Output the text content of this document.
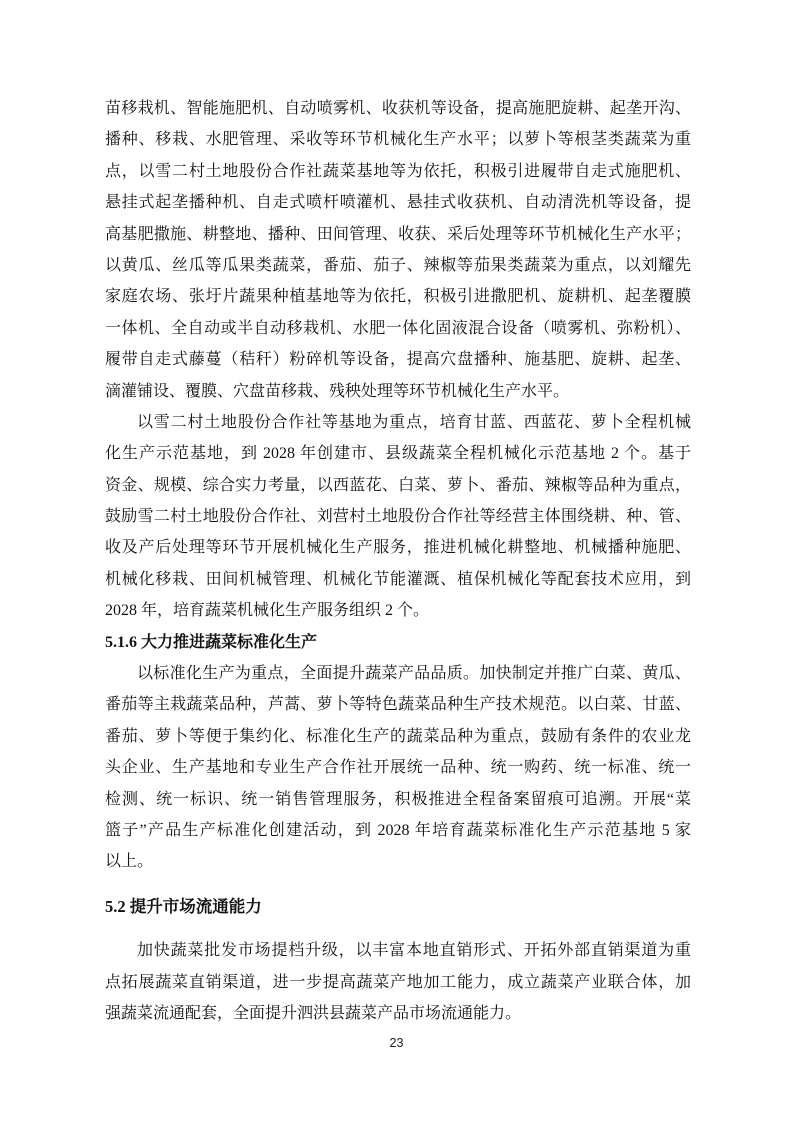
苗移栽机、智能施肥机、自动喷雾机、收获机等设备，提高施肥旋耕、起垄开沟、
播种、移栽、水肥管理、采收等环节机械化生产水平；以萝卜等根茎类蔬菜为重
点，以雪二村土地股份合作社蔬菜基地等为依托，积极引进履带自走式施肥机、
悬挂式起垄播种机、自走式喷杆喷灌机、悬挂式收获机、自动清洗机等设备，提
高基肥撒施、耕整地、播种、田间管理、收获、采后处理等环节机械化生产水平；
以黄瓜、丝瓜等瓜果类蔬菜，番茄、茄子、辣椒等茄果类蔬菜为重点，以刘耀先
家庭农场、张圩片蔬果种植基地等为依托，积极引进撒肥机、旋耕机、起垄覆膜
一体机、全自动或半自动移栽机、水肥一体化固液混合设备（喷雾机、弥粉机）、
履带自走式藤蔓（秸秆）粉碎机等设备，提高穴盘播种、施基肥、旋耕、起垄、
滴灌铺设、覆膜、穴盘苗移栽、残秧处理等环节机械化生产水平。
以雪二村土地股份合作社等基地为重点，培育甘蓝、西蓝花、萝卜全程机械
化生产示范基地，到 2028 年创建市、县级蔬菜全程机械化示范基地 2 个。基于
资金、规模、综合实力考量，以西蓝花、白菜、萝卜、番茄、辣椒等品种为重点，
鼓励雪二村土地股份合作社、刘营村土地股份合作社等经营主体围绕耕、种、管、
收及产后处理等环节开展机械化生产服务，推进机械化耕整地、机械播种施肥、
机械化移栽、田间机械管理、机械化节能灌溉、植保机械化等配套技术应用，到
2028 年，培育蔬菜机械化生产服务组织 2 个。
5.1.6 大力推进蔬菜标准化生产
以标准化生产为重点，全面提升蔬菜产品品质。加快制定并推广白菜、黄瓜、
番茄等主栽蔬菜品种，芦蒿、萝卜等特色蔬菜品种生产技术规范。以白菜、甘蓝、
番茄、萝卜等便于集约化、标准化生产的蔬菜品种为重点，鼓励有条件的农业龙
头企业、生产基地和专业生产合作社开展统一品种、统一购药、统一标准、统一
检测、统一标识、统一销售管理服务，积极推进全程备案留痕可追溯。开展“菜
篮子”产品生产标准化创建活动，到 2028 年培育蔬菜标准化生产示范基地 5 家
以上。
5.2 提升市场流通能力
加快蔬菜批发市场提档升级，以丰富本地直销形式、开拓外部直销渠道为重
点拓展蔬菜直销渠道，进一步提高蔬菜产地加工能力，成立蔬菜产业联合体，加
强蔬菜流通配套，全面提升泗洪县蔬菜产品市场流通能力。
23
